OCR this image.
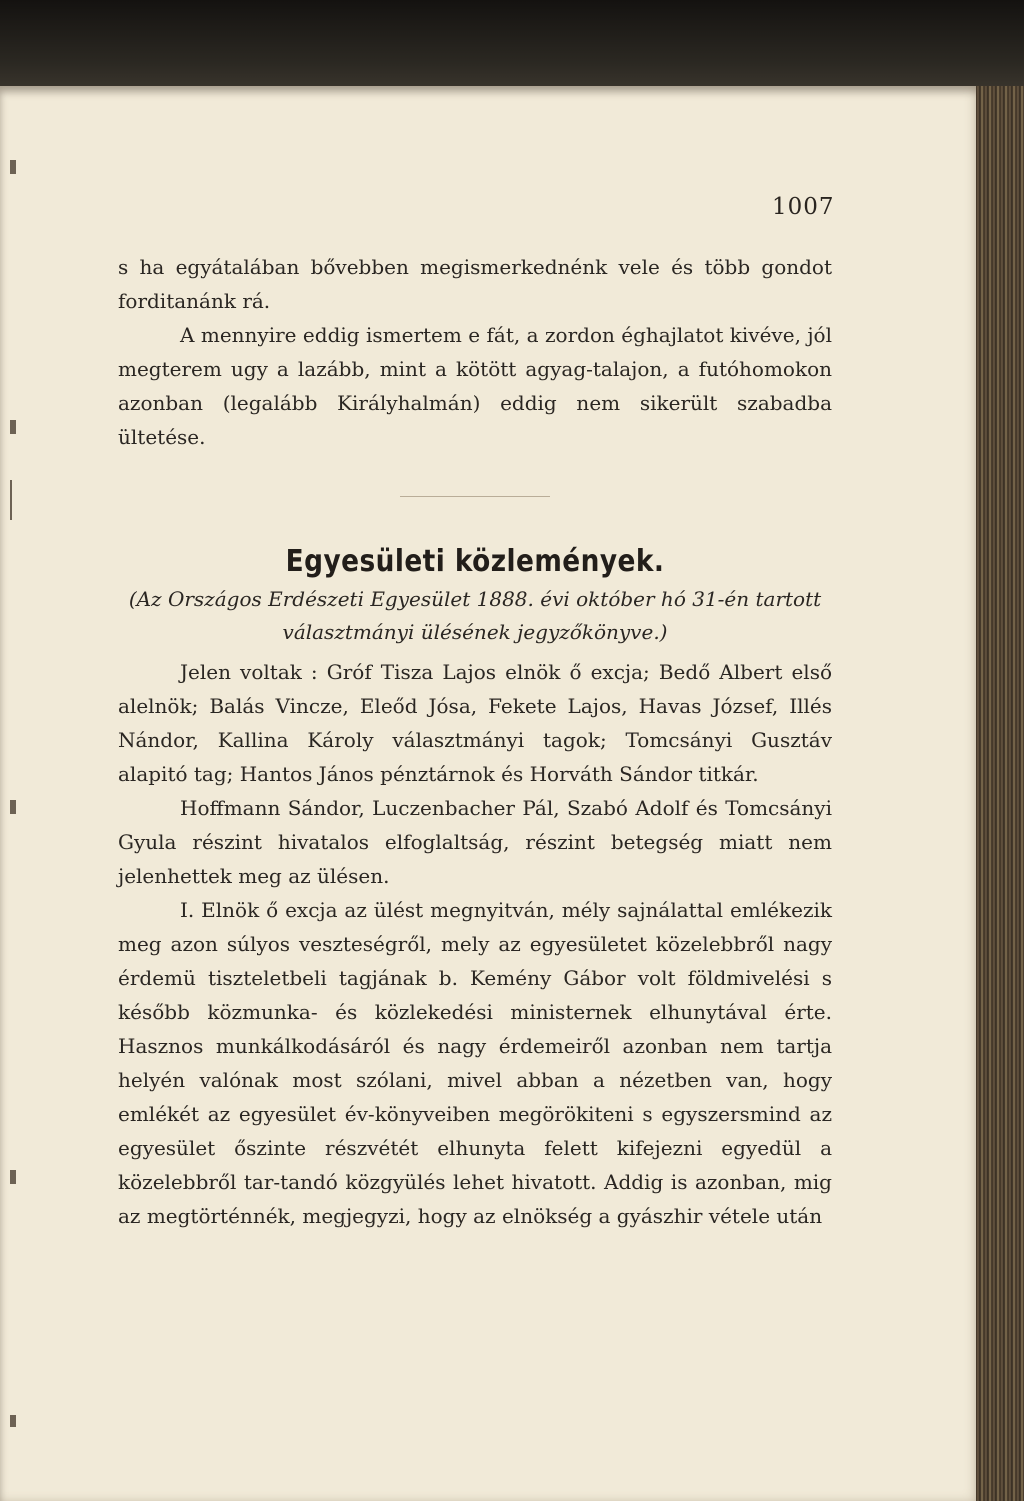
1007

s ha egyátalában bővebben megismerkednénk vele és több gondot forditanánk rá.

A mennyire eddig ismertem e fát, a zordon éghajlatot kivéve, jól megterem ugy a lazább, mint a kötött agyag-talajon, a futóhomokon azonban (legalább Királyhalmán) eddig nem sikerült szabadba ültetése.

Egyesületi közlemények.

(Az Országos Erdészeti Egyesület 1888. évi október hó 31-én tartott választmányi ülésének jegyzőkönyve.)

Jelen voltak : Gróf Tisza Lajos elnök ő excja; Bedő Albert első alelnök; Balás Vincze, Eleőd Jósa, Fekete Lajos, Havas József, Illés Nándor, Kallina Károly választmányi tagok; Tomcsányi Gusztáv alapitó tag; Hantos János pénztárnok és Horváth Sándor titkár.

Hoffmann Sándor, Luczenbacher Pál, Szabó Adolf és Tomcsányi Gyula részint hivatalos elfoglaltság, részint betegség miatt nem jelenhettek meg az ülésen.

I. Elnök ő excja az ülést megnyitván, mély sajnálattal emlékezik meg azon súlyos veszteségről, mely az egyesületet közelebbről nagy érdemü tiszteletbeli tagjának b. Kemény Gábor volt földmivelési s később közmunka- és közlekedési ministernek elhunytával érte. Hasznos munkálkodásáról és nagy érdemeiről azonban nem tartja helyén valónak most szólani, mivel abban a nézetben van, hogy emlékét az egyesület év-könyveiben megörökiteni s egyszersmind az egyesület őszinte részvétét elhunyta felett kifejezni egyedül a közelebbről tar-tandó közgyülés lehet hivatott. Addig is azonban, mig az megtörténnék, megjegyzi, hogy az elnökség a gyászhir vétele után
